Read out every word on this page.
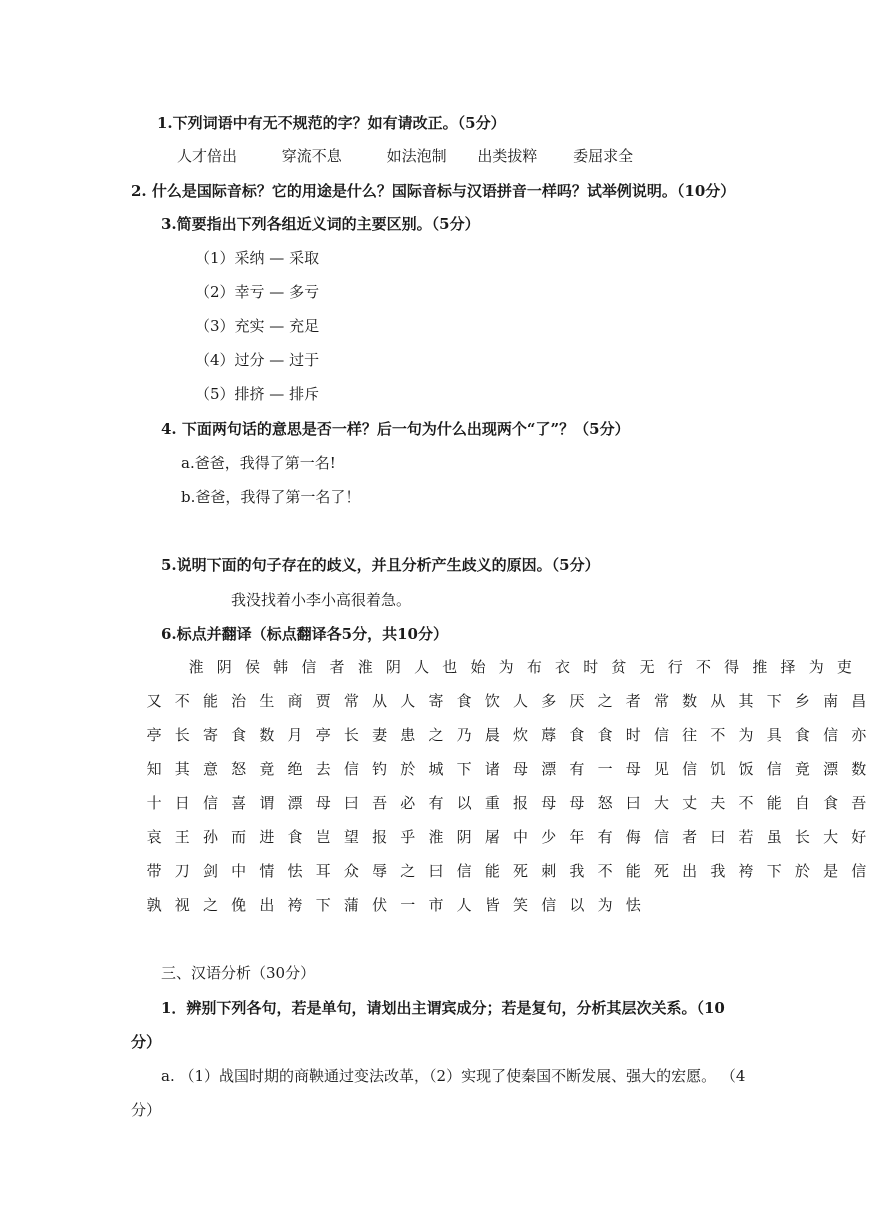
1.下列词语中有无不规范的字？如有请改正。（5分）
人才倍出	穿流不息	如法泡制 出类拔粹 委屈求全
2. 什么是国际音标？它的用途是什么？国际音标与汉语拼音一样吗？试举例说明。（10分）
3.简要指出下列各组近义词的主要区别。（5分）
（1）采纳 — 采取
（2）幸亏 — 多亏
（3）充实 — 充足
（4）过分 — 过于
（5）排挤 — 排斥
4. 下面两句话的意思是否一样？后一句为什么出现两个“了”？（5分）
a.爸爸，我得了第一名!
b.爸爸，我得了第一名了！
5.说明下面的句子存在的歧义，并且分析产生歧义的原因。（5分）
我没找着小李小高很着急。
6.标点并翻译（标点翻译各5分，共10分）
淮 阴 侯 韩 信 者 淮 阴 人 也 始 为 布 衣 时 贫 无 行 不 得 推 择 为 吏
又 不 能 治 生 商 贾 常 从 人 寄 食 饮 人 多 厌 之 者 常 数 从 其 下 乡 南 昌
亭 长 寄 食 数 月 亭 长 妻 患 之 乃 晨 炊 蓐 食 食 时 信 往 不 为 具 食 信 亦
知 其 意 怒 竟 绝 去 信 钓 於 城 下 诸 母 漂 有 一 母 见 信 饥 饭 信 竟 漂 数
十 日 信 喜 谓 漂 母 曰 吾 必 有 以 重 报 母 母 怒 曰 大 丈 夫 不 能 自 食 吾
哀 王 孙 而 进 食 岂 望 报 乎 淮 阴 屠 中 少 年 有 侮 信 者 曰 若 虽 长 大 好
带 刀 剑 中 情 怯 耳 众 辱 之 曰 信 能 死 刺 我 不 能 死 出 我 袴 下 於 是 信
孰 视 之 俛 出 袴 下 蒲 伏 一 市 人 皆 笑 信 以 为 怯
三、汉语分析（30分）
1．辨别下列各句，若是单句，请划出主谓宾成分；若是复句，分析其层次关系。（10
分）
a. （1）战国时期的商鞅通过变法改革，（2）实现了使秦国不断发展、强大的宏愿。 （4
分）
